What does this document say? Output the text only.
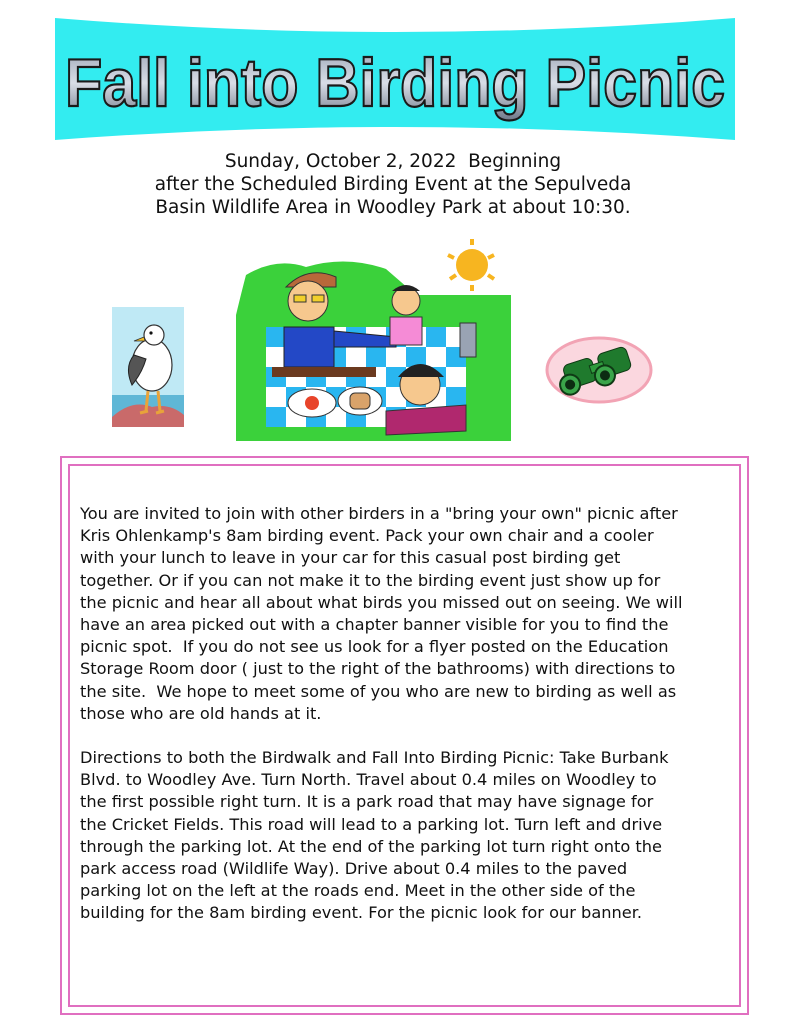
Fall into Birding Picnic
Sunday, October 2, 2022  Beginning
after the Scheduled Birding Event at the Sepulveda
Basin Wildlife Area in Woodley Park at about 10:30.

You are invited to join with other birders in a "bring your own" picnic after
Kris Ohlenkamp's 8am birding event. Pack your own chair and a cooler
with your lunch to leave in your car for this casual post birding get
together. Or if you can not make it to the birding event just show up for
the picnic and hear all about what birds you missed out on seeing. We will
have an area picked out with a chapter banner visible for you to find the
picnic spot.  If you do not see us look for a flyer posted on the Education
Storage Room door ( just to the right of the bathrooms) with directions to
the site.  We hope to meet some of you who are new to birding as well as
those who are old hands at it.

Directions to both the Birdwalk and Fall Into Birding Picnic: Take Burbank
Blvd. to Woodley Ave. Turn North. Travel about 0.4 miles on Woodley to
the first possible right turn. It is a park road that may have signage for
the Cricket Fields. This road will lead to a parking lot. Turn left and drive
through the parking lot. At the end of the parking lot turn right onto the
park access road (Wildlife Way). Drive about 0.4 miles to the paved
parking lot on the left at the roads end. Meet in the other side of the
building for the 8am birding event. For the picnic look for our banner.
